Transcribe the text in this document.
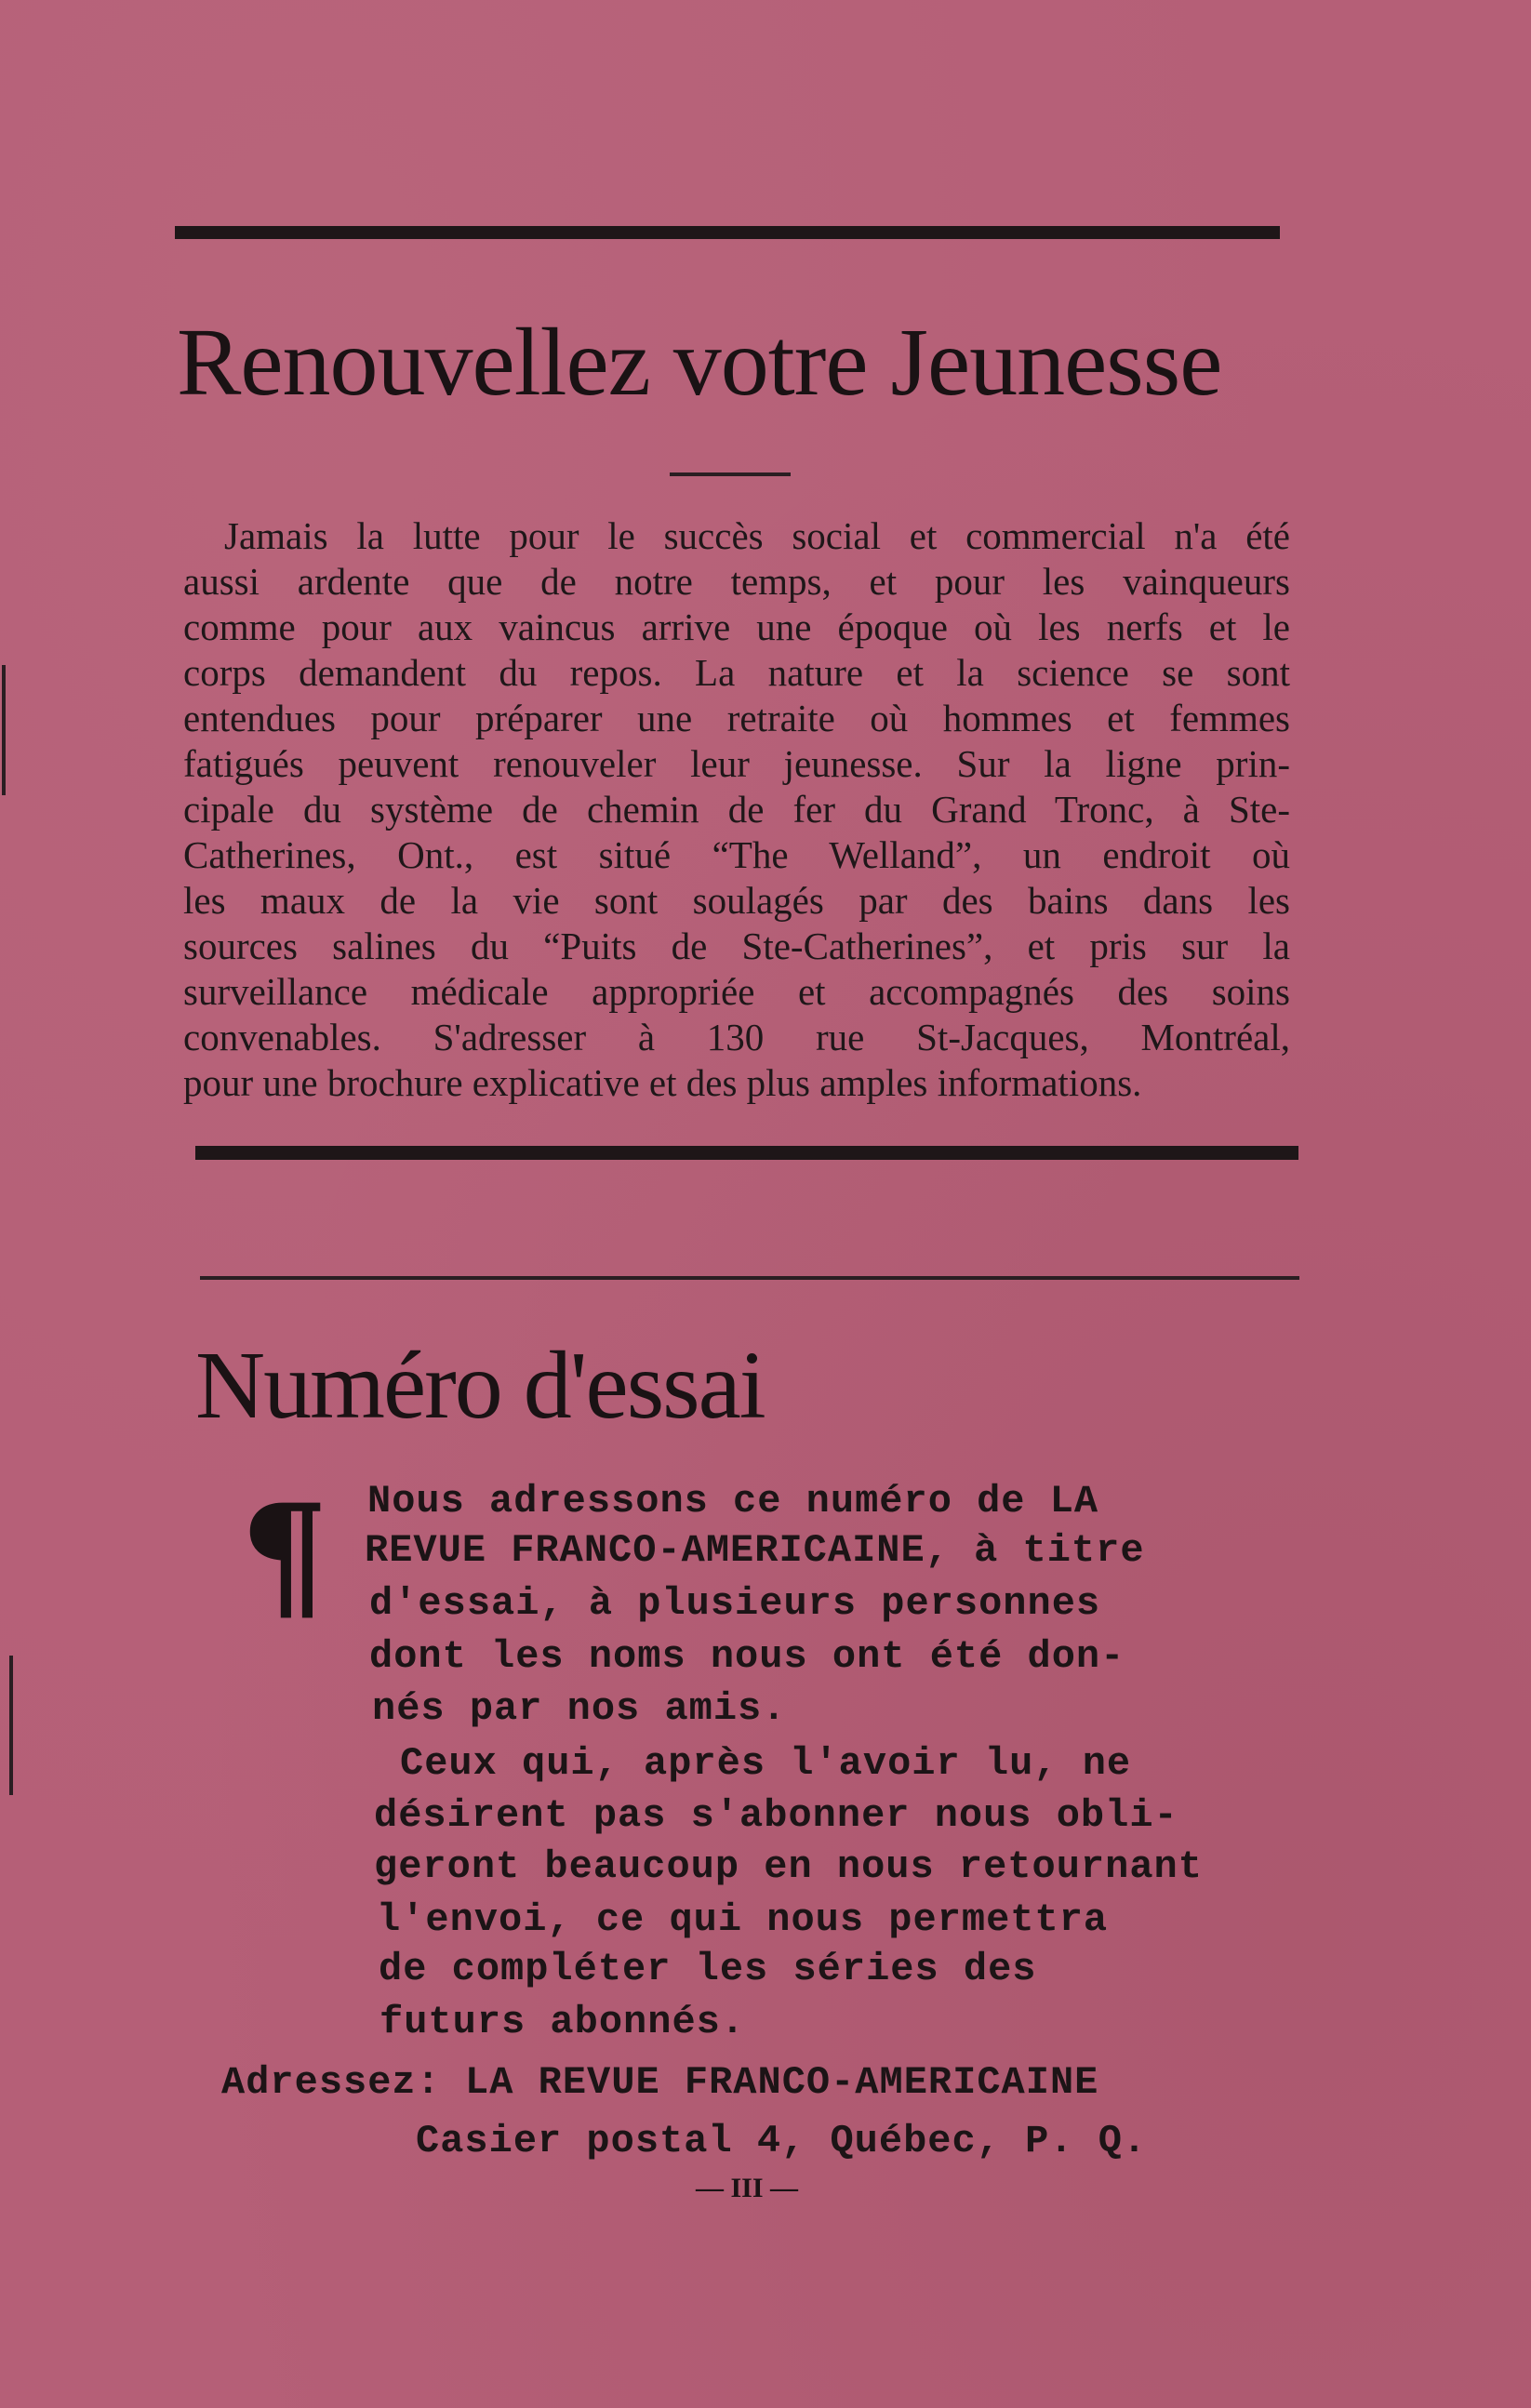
Renouvellez votre Jeunesse
Jamais la lutte pour le succès social et commercial n'a été
aussi ardente que de notre temps, et pour les vainqueurs
comme pour aux vaincus arrive une époque où les nerfs et le
corps demandent du repos. La nature et la science se sont
entendues pour préparer une retraite où hommes et femmes
fatigués peuvent renouveler leur jeunesse. Sur la ligne prin-
cipale du système de chemin de fer du Grand Tronc, à Ste-
Catherines, Ont., est situé “The Welland”, un endroit où
les maux de la vie sont soulagés par des bains dans les
sources salines du “Puits de Ste-Catherines”, et pris sur la
surveillance médicale appropriée et accompagnés des soins
convenables. S'adresser à 130 rue St-Jacques, Montréal,
pour une brochure explicative et des plus amples informations.
Numéro d'essai
¶ Nous adressons ce numéro de LA
REVUE FRANCO-AMERICAINE, à titre
d'essai, à plusieurs personnes
dont les noms nous ont été don-
nés par nos amis.
Ceux qui, après l'avoir lu, ne
désirent pas s'abonner nous obli-
geront beaucoup en nous retournant
l'envoi, ce qui nous permettra
de compléter les séries des
futurs abonnés.
Adressez: LA REVUE FRANCO-AMERICAINE
Casier postal 4, Québec, P. Q.
— III —
